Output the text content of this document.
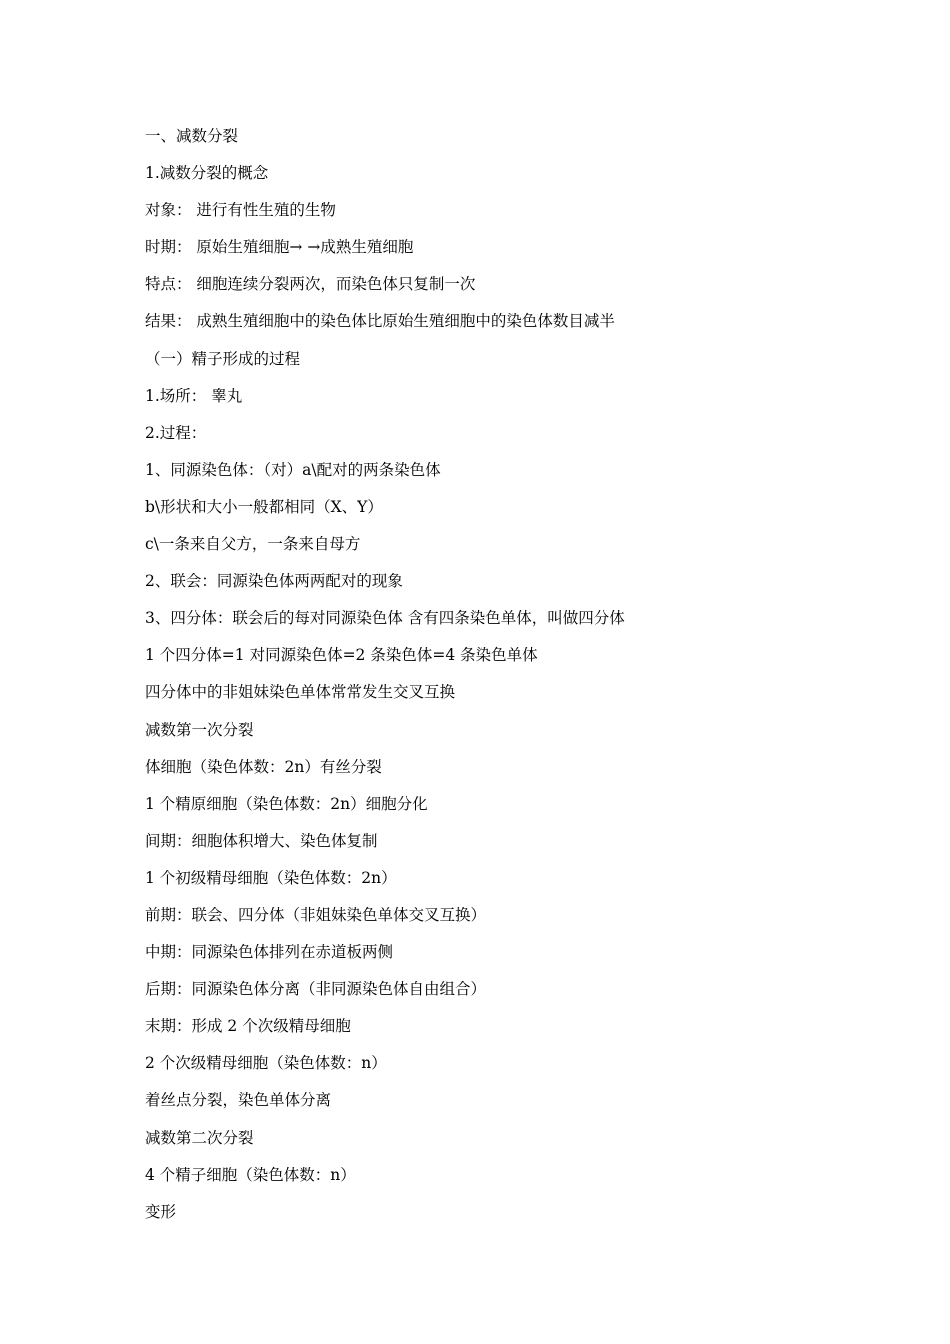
一、减数分裂
1.减数分裂的概念
对象： 进行有性生殖的生物
时期： 原始生殖细胞→ →成熟生殖细胞
特点： 细胞连续分裂两次，而染色体只复制一次
结果： 成熟生殖细胞中的染色体比原始生殖细胞中的染色体数目减半
（一）精子形成的过程
1.场所： 睾丸
2.过程：
1、同源染色体：（对）a\配对的两条染色体
b\形状和大小一般都相同（X、Y）
c\一条来自父方，一条来自母方
2、联会：同源染色体两两配对的现象
3、四分体：联会后的每对同源染色体 含有四条染色单体，叫做四分体
1 个四分体=1 对同源染色体=2 条染色体=4 条染色单体
四分体中的非姐妹染色单体常常发生交叉互换
减数第一次分裂
体细胞（染色体数：2n）有丝分裂
1 个精原细胞（染色体数：2n）细胞分化
间期：细胞体积增大、染色体复制
1 个初级精母细胞（染色体数：2n）
前期：联会、四分体（非姐妹染色单体交叉互换）
中期：同源染色体排列在赤道板两侧
后期：同源染色体分离（非同源染色体自由组合）
末期：形成 2 个次级精母细胞
2 个次级精母细胞（染色体数：n）
着丝点分裂，染色单体分离
减数第二次分裂
4 个精子细胞（染色体数：n）
变形
